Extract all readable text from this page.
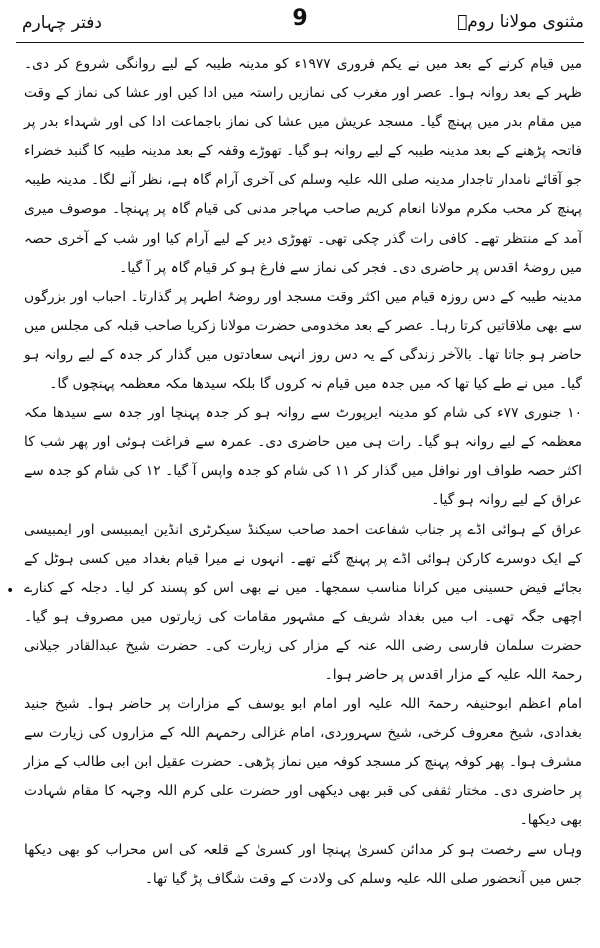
مثنوی مولانا رومؒ
9
دفتر چہارم

میں قیام کرنے کے بعد میں نے یکم فروری ۱۹۷۷ء کو مدینہ طیبہ کے لیے روانگی شروع کر دی۔ ظہر کے بعد روانہ ہوا۔ عصر اور مغرب کی نمازیں راستہ میں ادا کیں اور عشا کی نماز کے وقت میں مقام بدر میں پہنچ گیا۔ مسجد عریش میں عشا کی نماز باجماعت ادا کی اور شہداء بدر پر فاتحہ پڑھنے کے بعد مدینہ طیبہ کے لیے روانہ ہو گیا۔ تھوڑے وقفہ کے بعد مدینہ طیبہ کا گنبد خضراء جو آقائے نامدار تاجدار مدینہ صلی اللہ علیہ وسلم کی آخری آرام گاہ ہے، نظر آنے لگا۔ مدینہ طیبہ پہنچ کر محب مکرم مولانا انعام کریم صاحب مہاجر مدنی کی قیام گاہ پر پہنچا۔ موصوف میری آمد کے منتظر تھے۔ کافی رات گذر چکی تھی۔ تھوڑی دیر کے لیے آرام کیا اور شب کے آخری حصہ میں روضۂ اقدس پر حاضری دی۔ فجر کی نماز سے فارغ ہو کر قیام گاہ پر آ گیا۔

مدینہ طیبہ کے دس روزہ قیام میں اکثر وقت مسجد اور روضۂ اطہر پر گذارتا۔ احباب اور بزرگوں سے بھی ملاقاتیں کرتا رہا۔ عصر کے بعد مخدومی حضرت مولانا زکریا صاحب قبلہ کی مجلس میں حاضر ہو جاتا تھا۔ بالآخر زندگی کے یہ دس روز انہی سعادتوں میں گذار کر جدہ کے لیے روانہ ہو گیا۔ میں نے طے کیا تھا کہ میں جدہ میں قیام نہ کروں گا بلکہ سیدھا مکہ معظمہ پہنچوں گا۔

۱۰ جنوری ۷۷ء کی شام کو مدینہ ایرپورٹ سے روانہ ہو کر جدہ پہنچا اور جدہ سے سیدھا مکہ معظمہ کے لیے روانہ ہو گیا۔ رات ہی میں حاضری دی۔ عمرہ سے فراغت ہوئی اور پھر شب کا اکثر حصہ طواف اور نوافل میں گذار کر ۱۱ کی شام کو جدہ واپس آ گیا۔ ۱۲ کی شام کو جدہ سے عراق کے لیے روانہ ہو گیا۔

عراق کے ہوائی اڈے پر جناب شفاعت احمد صاحب سیکنڈ سیکرٹری انڈین ایمبیسی اور ایمبیسی کے ایک دوسرے کارکن ہوائی اڈے پر پہنچ گئے تھے۔ انہوں نے میرا قیام بغداد میں کسی ہوٹل کے بجائے فیض حسینی میں کرانا مناسب سمجھا۔ میں نے بھی اس کو پسند کر لیا۔ دجلہ کے کنارے اچھی جگہ تھی۔ اب میں بغداد شریف کے مشہور مقامات کی زیارتوں میں مصروف ہو گیا۔ حضرت سلمان فارسی رضی اللہ عنہ کے مزار کی زیارت کی۔ حضرت شیخ عبدالقادر جیلانی رحمۃ اللہ علیہ کے مزار اقدس پر حاضر ہوا۔

امام اعظم ابوحنیفہ رحمۃ اللہ علیہ اور امام ابو یوسف کے مزارات پر حاضر ہوا۔ شیخ جنید بغدادی، شیخ معروف کرخی، شیخ سہروردی، امام غزالی رحمہم اللہ کے مزاروں کی زیارت سے مشرف ہوا۔ پھر کوفہ پہنچ کر مسجد کوفہ میں نماز پڑھی۔ حضرت عقیل ابن ابی طالب کے مزار پر حاضری دی۔ مختار ثقفی کی قبر بھی دیکھی اور حضرت علی کرم اللہ وجہہ کا مقام شہادت بھی دیکھا۔

وہاں سے رخصت ہو کر مدائن کسریٰ پہنچا اور کسریٰ کے قلعہ کی اس محراب کو بھی دیکھا جس میں آنحضور صلی اللہ علیہ وسلم کی ولادت کے وقت شگاف پڑ گیا تھا۔

•
